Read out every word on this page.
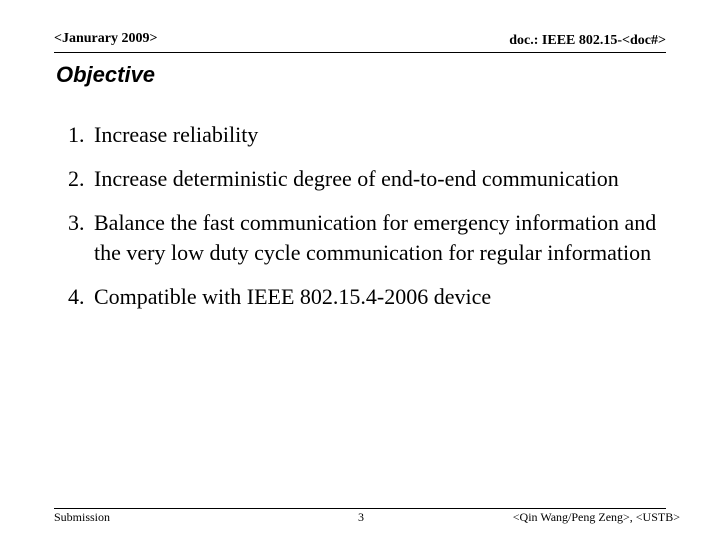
<Janurary 2009>	doc.: IEEE 802.15-<doc#>
Objective
1. Increase reliability
2. Increase deterministic degree of end-to-end communication
3. Balance the fast communication for emergency information and the very low duty cycle communication for regular information
4. Compatible with IEEE 802.15.4-2006 device
Submission	3	<Qin Wang/Peng Zeng>, <USTB>
